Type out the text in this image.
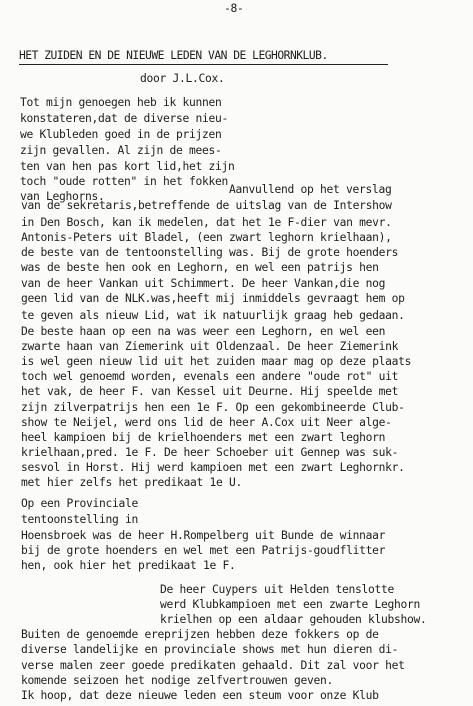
-8-
HET ZUIDEN EN DE NIEUWE LEDEN VAN DE LEGHORNKLUB.
door J.L.Cox.
Tot mijn genoegen heb ik kunnen
konstateren,dat de diverse nieu-
we Klubleden goed in de prijzen
zijn gevallen. Al zijn de mees-
ten van hen pas kort lid,het zijn
toch "oude rotten" in het fokken
van Leghorns.
Aanvullend op het verslag
van de sekretaris,betreffende de uitslag van de Intershow
in Den Bosch, kan ik medelen, dat het 1e F-dier van mevr.
Antonis-Peters uit Bladel, (een zwart leghorn krielhaan),
de beste van de tentoonstelling was. Bij de grote hoenders
was de beste hen ook en Leghorn, en wel een patrijs hen
van de heer Vankan uit Schimmert. De heer Vankan,die nog
geen lid van de NLK.was,heeft mij inmiddels gevraagt hem op
te geven als nieuw Lid, wat ik natuurlijk graag heb gedaan.
De beste haan op een na was weer een Leghorn, en wel een
zwarte haan van Ziemerink uit Oldenzaal. De heer Ziemerink
is wel geen nieuw lid uit het zuiden maar mag op deze plaats
toch wel genoemd worden, evenals een andere "oude rot" uit
het vak, de heer F. van Kessel uit Deurne. Hij speelde met
zijn zilverpatrijs hen een 1e F. Op een gekombineerde Club-
show te Neijel, werd ons lid de heer A.Cox uit Neer alge-
heel kampioen bij de krielhoenders met een zwart leghorn
krielhaan,pred. 1e F. De heer Schoeber uit Gennep was suk-
sesvol in Horst. Hij werd kampioen met een zwart Leghornkr.
met hier zelfs het predikaat 1e U.
Op een Provinciale
tentoonstelling in
Hoensbroek was de heer H.Rompelberg uit Bunde de winnaar
bij de grote hoenders en wel met een Patrijs-goudflitter
hen, ook hier het predikaat 1e F.
De heer Cuypers uit Helden tenslotte
werd Klubkampioen met een zwarte Leghorn
krielhen op een aldaar gehouden klubshow.
Buiten de genoemde ereprijzen hebben deze fokkers op de
diverse landelijke en provinciale shows met hun dieren di-
verse malen zeer goede predikaten gehaald. Dit zal voor het
komende seizoen het nodige zelfvertrouwen geven.
Ik hoop, dat deze nieuwe leden een steum voor onze Klub
